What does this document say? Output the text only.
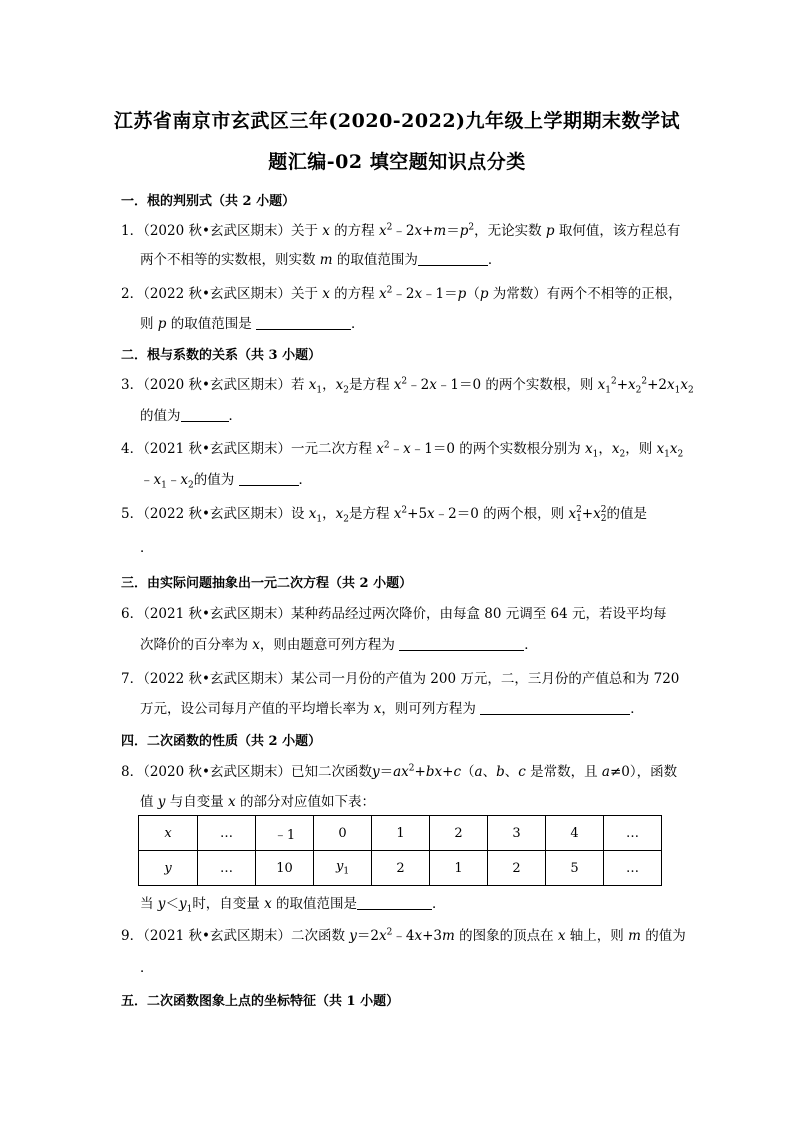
江苏省南京市玄武区三年(2020-2022)九年级上学期期末数学试
题汇编-02 填空题知识点分类
一．根的判别式（共 2 小题）
1．（2020 秋•玄武区期末）关于 x 的方程 $x^2﹣2x+m=p^2$，无论实数 p 取何值，该方程总有
两个不相等的实数根，则实数 m 的取值范围为	．
2．（2022 秋•玄武区期末）关于 x 的方程 $x^2﹣2x﹣1=p(p$ 为常数）有两个不相等的正根，
则 p 的取值范围是	．
二．根与系数的关系（共 3 小题）
3．（2020 秋•玄武区期末）若 $x_1$，$x_2$是方程 $x^2﹣2x﹣1=0$ 的两个实数根，则 $x_1^2+x_2^2+2x_1x_2$
的值为	．
4．（2021 秋•玄武区期末）一元二次方程 $x^2﹣x﹣1=0$ 的两个实数根分别为 $x_1$，$x_2$，则 $x_1x_2$
$﹣x_1﹣x_2$的值为	．
5．（2022 秋•玄武区期末）设 $x_1$，$x_2$是方程 $x^2+5x﹣2=0$ 的两个根，则 x2
1+x2
2的值是
．
三．由实际问题抽象出一元二次方程（共 2 小题）
6．（2021 秋•玄武区期末）某种药品经过两次降价，由每盒 80 元调至 64 元，若设平均每
次降价的百分率为 x，则由题意可列方程为	．
7．（2022 秋•玄武区期末）某公司一月份的产值为 200 万元，二，三月份的产值总和为 720
万元，设公司每月产值的平均增长率为 x，则可列方程为	．
四．二次函数的性质（共 2 小题）
8．（2020 秋•玄武区期末）已知二次函数$y=ax^2+bx+c(a$、b、c 是常数，且 a≠0），函数
值 y 与自变量 x 的部分对应值如下表：
x	…	﹣1	0	1	2	3	4	…
y	…	10	$y_1$	2	1	2	5	…
当 $y<y_1$时，自变量 x 的取值范围是	．
9．（2021 秋•玄武区期末）二次函数 $y=2x^2﹣4x+3m$ 的图象的顶点在 x 轴上，则 m 的值为
．
五．二次函数图象上点的坐标特征（共 1 小题）
